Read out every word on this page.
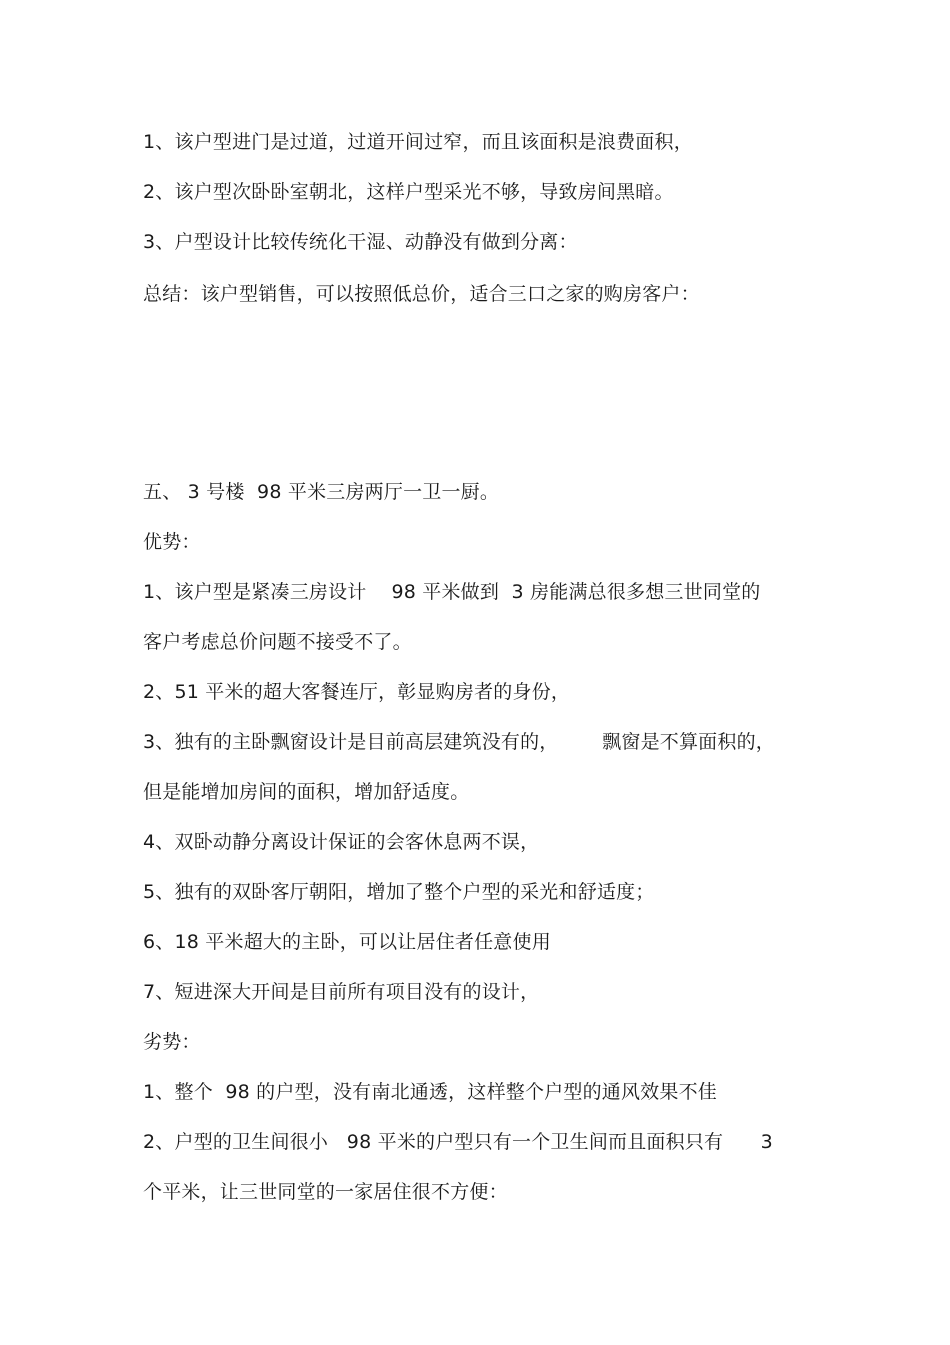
1、该户型进门是过道，过道开间过窄，而且该面积是浪费面积，
2、该户型次卧卧室朝北，这样户型采光不够，导致房间黑暗。
3、户型设计比较传统化干湿、动静没有做到分离：
总结：该户型销售，可以按照低总价，适合三口之家的购房客户：
五、 3 号楼  98 平米三房两厅一卫一厨。
优势：
1、该户型是紧凑三房设计    98 平米做到  3 房能满总很多想三世同堂的
客户考虑总价问题不接受不了。
2、51 平米的超大客餐连厅，彰显购房者的身份，
3、独有的主卧飘窗设计是目前高层建筑没有的，       飘窗是不算面积的，
但是能增加房间的面积，增加舒适度。
4、双卧动静分离设计保证的会客休息两不误，
5、独有的双卧客厅朝阳，增加了整个户型的采光和舒适度；
6、18 平米超大的主卧，可以让居住者任意使用
7、短进深大开间是目前所有项目没有的设计，
劣势：
1、整个  98 的户型，没有南北通透，这样整个户型的通风效果不佳
2、户型的卫生间很小   98 平米的户型只有一个卫生间而且面积只有      3
个平米，让三世同堂的一家居住很不方便：
